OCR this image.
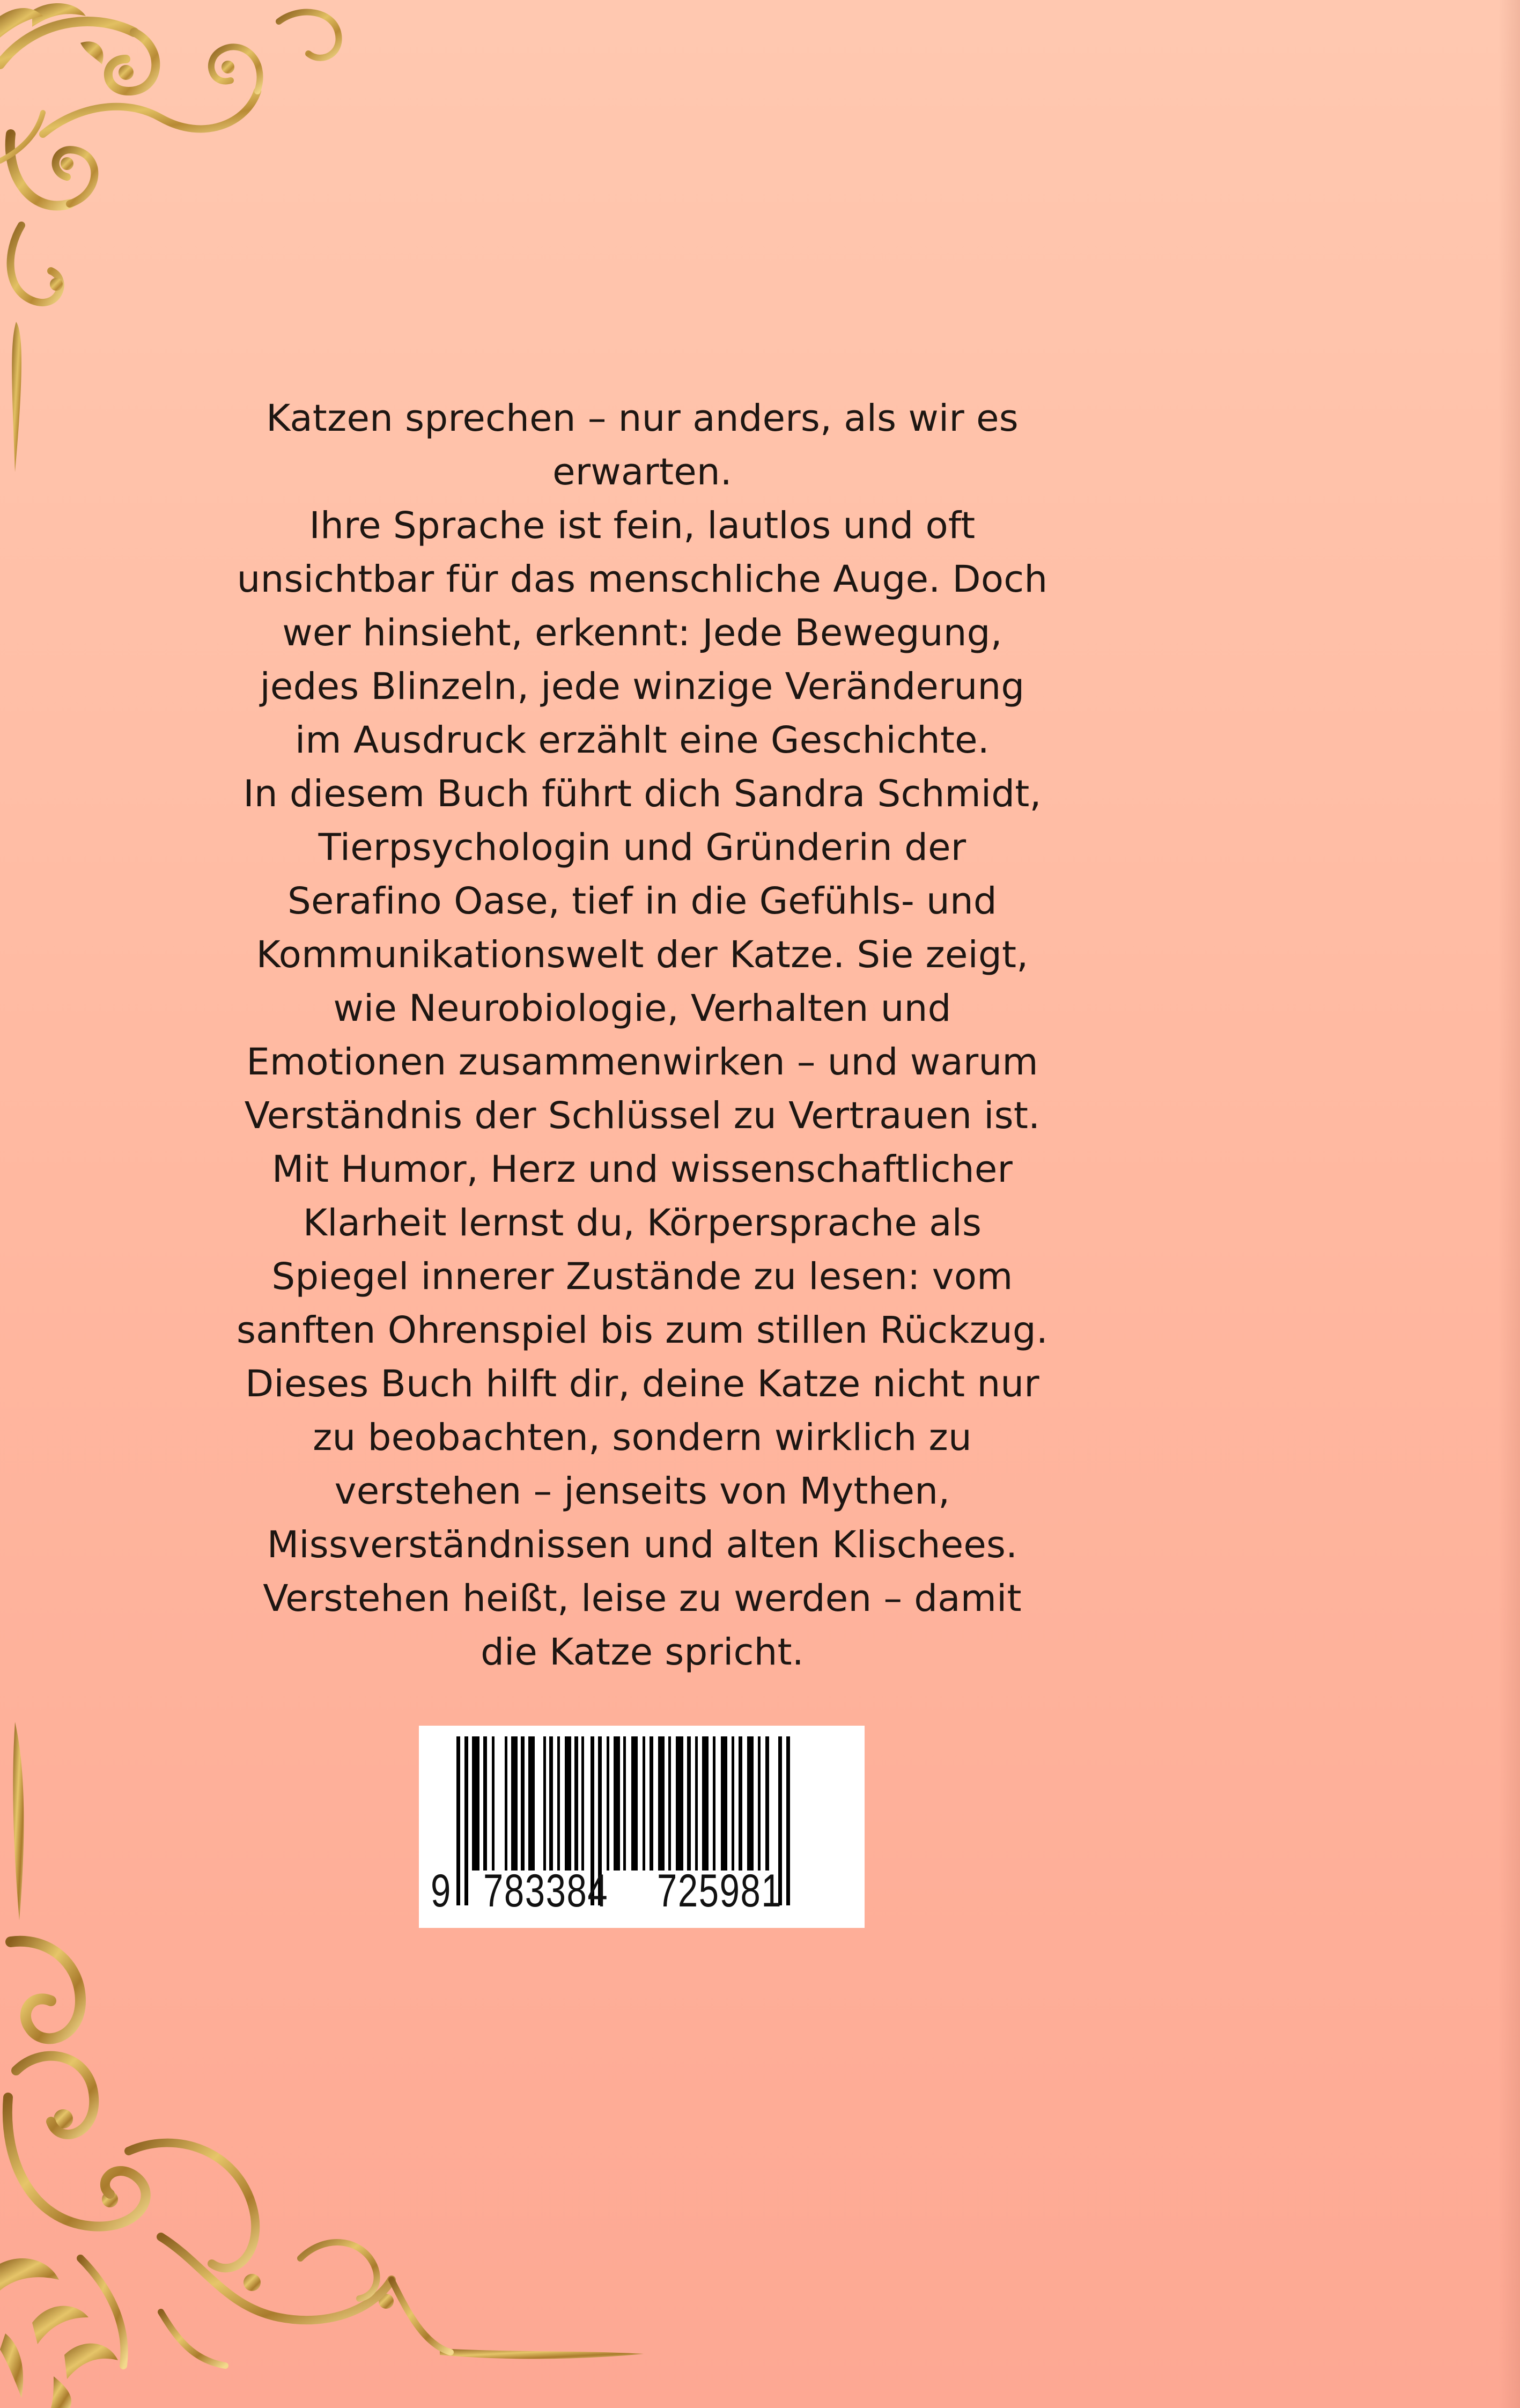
Katzen sprechen – nur anders, als wir es erwarten.

Ihre Sprache ist fein, lautlos und oft unsichtbar für das menschliche Auge. Doch wer hinsieht, erkennt: Jede Bewegung, jedes Blinzeln, jede winzige Veränderung im Ausdruck erzählt eine Geschichte.

In diesem Buch führt dich Sandra Schmidt, Tierpsychologin und Gründerin der Serafino Oase, tief in die Gefühls- und Kommunikationswelt der Katze. Sie zeigt, wie Neurobiologie, Verhalten und Emotionen zusammenwirken – und warum Verständnis der Schlüssel zu Vertrauen ist.

Mit Humor, Herz und wissenschaftlicher Klarheit lernst du, Körpersprache als Spiegel innerer Zustände zu lesen: vom sanften Ohrenspiel bis zum stillen Rückzug. Dieses Buch hilft dir, deine Katze nicht nur zu beobachten, sondern wirklich zu verstehen – jenseits von Mythen, Missverständnissen und alten Klischees.

Verstehen heißt, leise zu werden – damit die Katze spricht.

9 783384 725981
